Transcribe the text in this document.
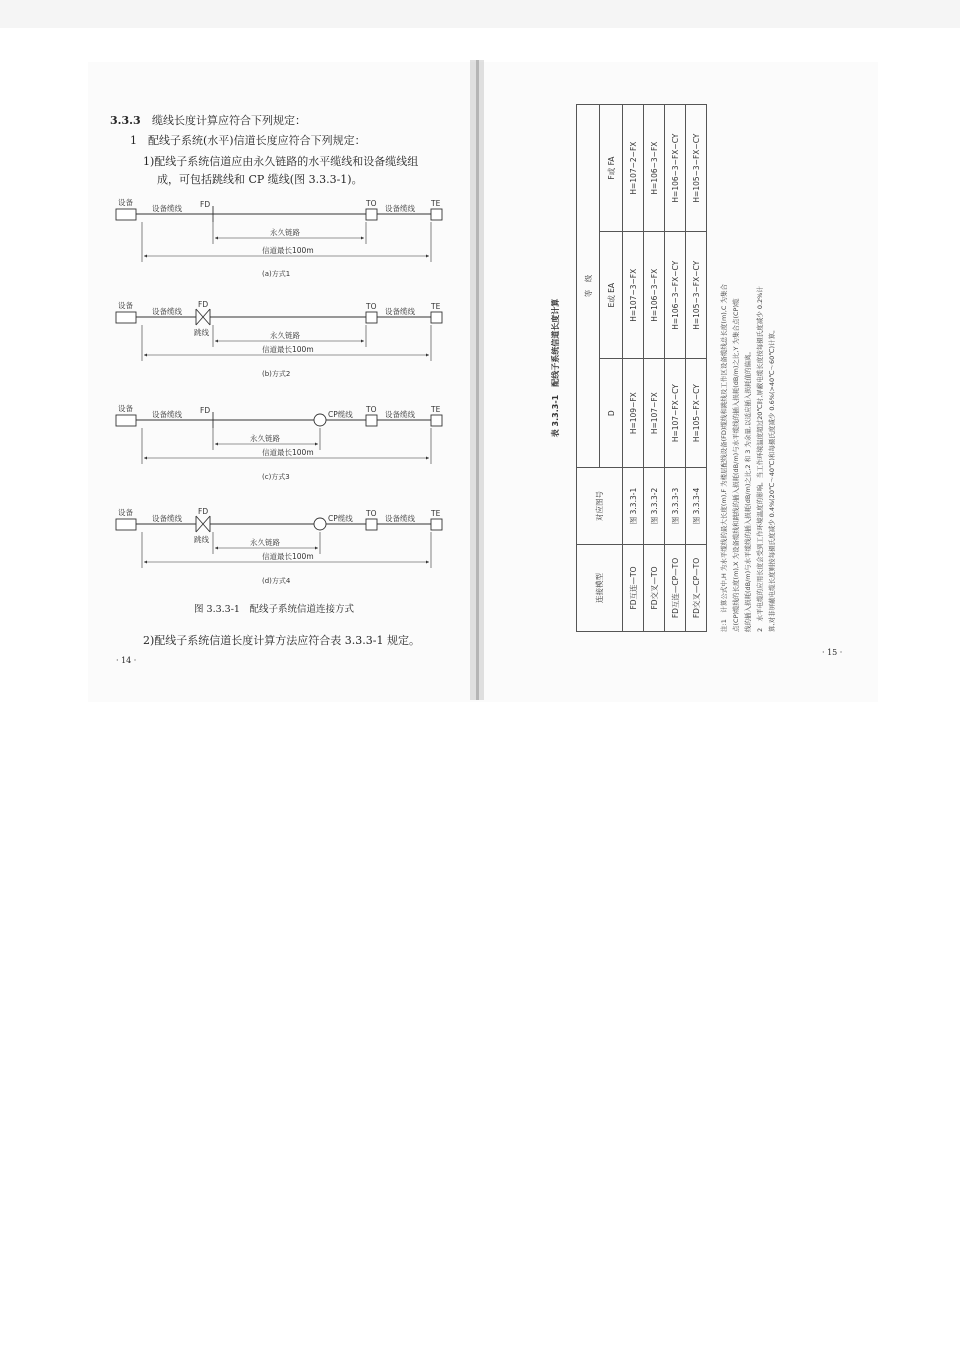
3.3.3 缆线长度计算应符合下列规定：
1　配线子系统(水平)信道长度应符合下列规定：
1)配线子系统信道应由永久链路的水平缆线和设备缆线组
成，可包括跳线和 CP 缆线(图 3.3.3-1)。
设备
设备缆线 FD	TO
设备缆线
TE
永久链路
信道最长100m
(a)方式1
设备
设备缆线
FD
跳线
TO
设备缆线
TE
永久链路
信道最长100m
(b)方式2
设备
设备缆线 FD	CP缆线
TO
设备缆线
TE
永久链路
信道最长100m
(c)方式3
设备
设备缆线
FD
跳线
CP缆线
TO
设备缆线
TE
永久链路
信道最长100m
(d)方式4
图 3.3.3-1　配线子系统信道连接方式
2)配线子系统信道长度计算方法应符合表 3.3.3-1 规定。
· 14 ·
表 3.3.3-1　配线子系统信道长度计算
连接模型	对应图号	等　级		
		D	E或 EA	F或 FA
FD互连—TO	图 3.3.3-1	H=109−FX	H=107−3−FX	H=107−2−FX
FD交叉—TO	图 3.3.3-2	H=107−FX	H=106−3−FX	H=106−3−FX
FD互连—CP—TO	图 3.3.3-3	H=107−FX−CY	H=106−3−FX−CY	H=106−3−FX−CY
FD交叉—CP—TO	图 3.3.3-4	H=105−FX−CY	H=105−3−FX−CY	H=105−3−FX−CY
注:1　计算公式中,H 为水平缆线的最大长度(m),F 为楼层配线设备(FD)缆线和跳线及工作区设备缆线总长度(m),C 为集合 点(CP)缆线的长度(m),X 为设备缆线和跳线的插入损耗(dB/m)与水平缆线的插入损耗(dB/m)之比,Y 为集合点(CP)缆 线的插入损耗(dB/m)与水平缆线的插入损耗(dB/m)之比,2 和 3 为余量,以适应插入损耗值的偏离。 2　水平电缆的应用长度会受到工作环境温度的影响。当工作环境温度超过20℃时,屏蔽电缆长度按每摄氏度减少 0.2%计 算,对非屏蔽电缆长度则按每摄氏度减少 0.4%(20℃～40℃)和每摄氏度减少 0.6%(>40℃～60℃)计算。
· 15 ·
